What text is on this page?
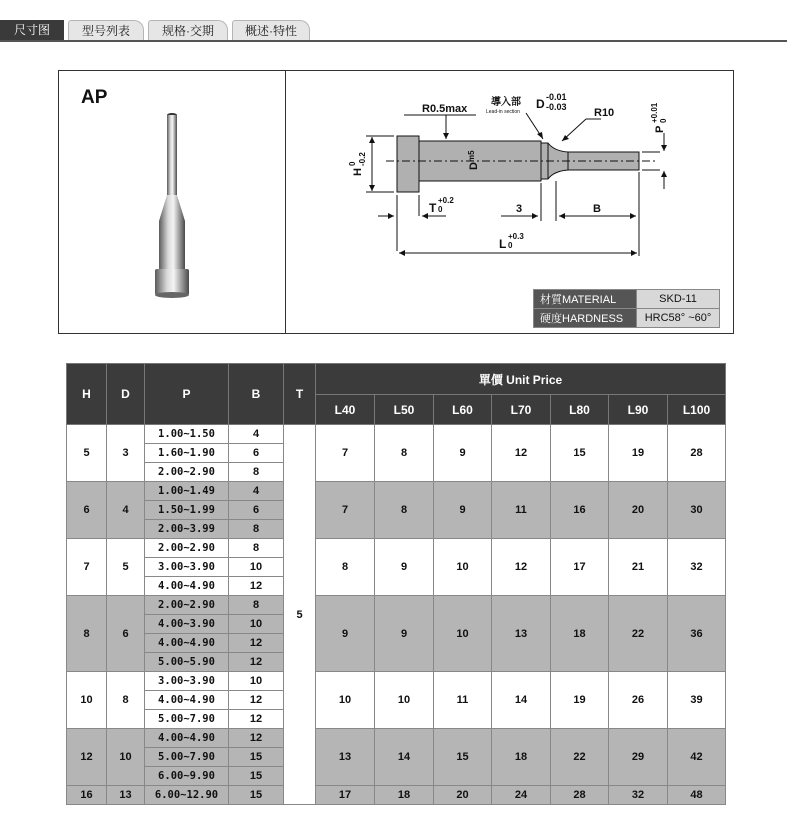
尺寸图	型号列表	规格·交期	概述·特性
AP
R0.5max
導入部
Lead-in section
D -0.01
-0.03 R10
$D^{m5}$
H
0 -0.2
P
+0.01 0
T
+0.2
0	3	B
L
+0.3
0
材質MATERIAL	SKD-11
硬度HARDNESS	HRC58° ~60°
H	D	P	B	T	單價 Unit Price						
					L40	L50	L60	L70	L80	L90	L100
5	3	1.00~1.50	4	5	7	8	9	12	15	19	28
		1.60~1.90	6								
		2.00~2.90	8								
6	4	1.00~1.49	4		7	8	9	11	16	20	30
		1.50~1.99	6								
		2.00~3.99	8								
7	5	2.00~2.90	8		8	9	10	12	17	21	32
		3.00~3.90	10								
		4.00~4.90	12								
8	6	2.00~2.90	8		9	9	10	13	18	22	36
		4.00~3.90	10								
		4.00~4.90	12								
		5.00~5.90	12								
10	8	3.00~3.90	10		10	10	11	14	19	26	39
		4.00~4.90	12								
		5.00~7.90	12								
12	10	4.00~4.90	12		13	14	15	18	22	29	42
		5.00~7.90	15								
		6.00~9.90	15								
16	13	6.00~12.90	15		17	18	20	24	28	32	48
